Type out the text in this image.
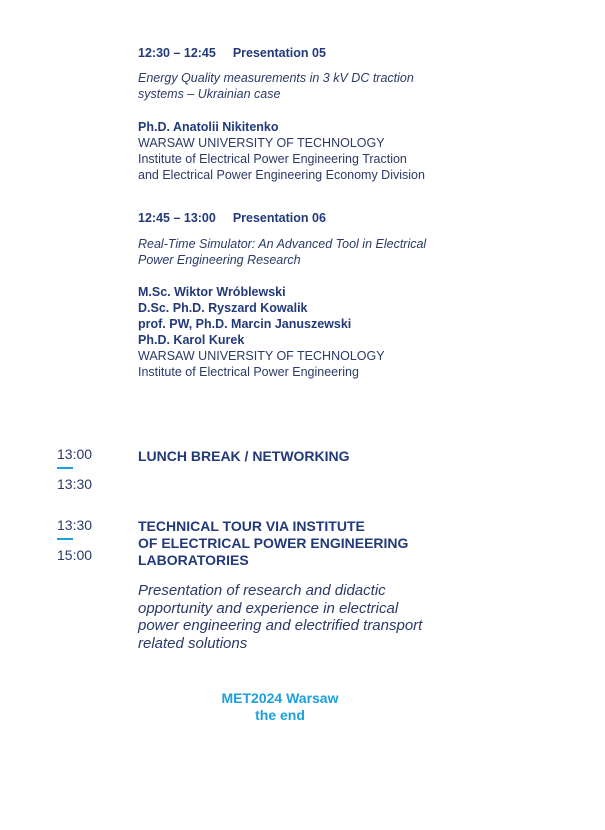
12:30 – 12:45 Presentation 05
Energy Quality measurements in 3 kV DC traction
systems – Ukrainian case
Ph.D. Anatolii Nikitenko
WARSAW UNIVERSITY OF TECHNOLOGY
Institute of Electrical Power Engineering Traction
and Electrical Power Engineering Economy Division
12:45 – 13:00 Presentation 06
Real-Time Simulator: An Advanced Tool in Electrical
Power Engineering Research
M.Sc. Wiktor Wróblewski
D.Sc. Ph.D. Ryszard Kowalik
prof. PW, Ph.D. Marcin Januszewski
Ph.D. Karol Kurek
WARSAW UNIVERSITY OF TECHNOLOGY
Institute of Electrical Power Engineering
13:00
13:30
LUNCH BREAK / NETWORKING
13:30
15:00
TECHNICAL TOUR VIA INSTITUTE
OF ELECTRICAL POWER ENGINEERING
LABORATORIES
Presentation of research and didactic
opportunity and experience in electrical
power engineering and electrified transport
related solutions
MET2024 Warsaw
the end
